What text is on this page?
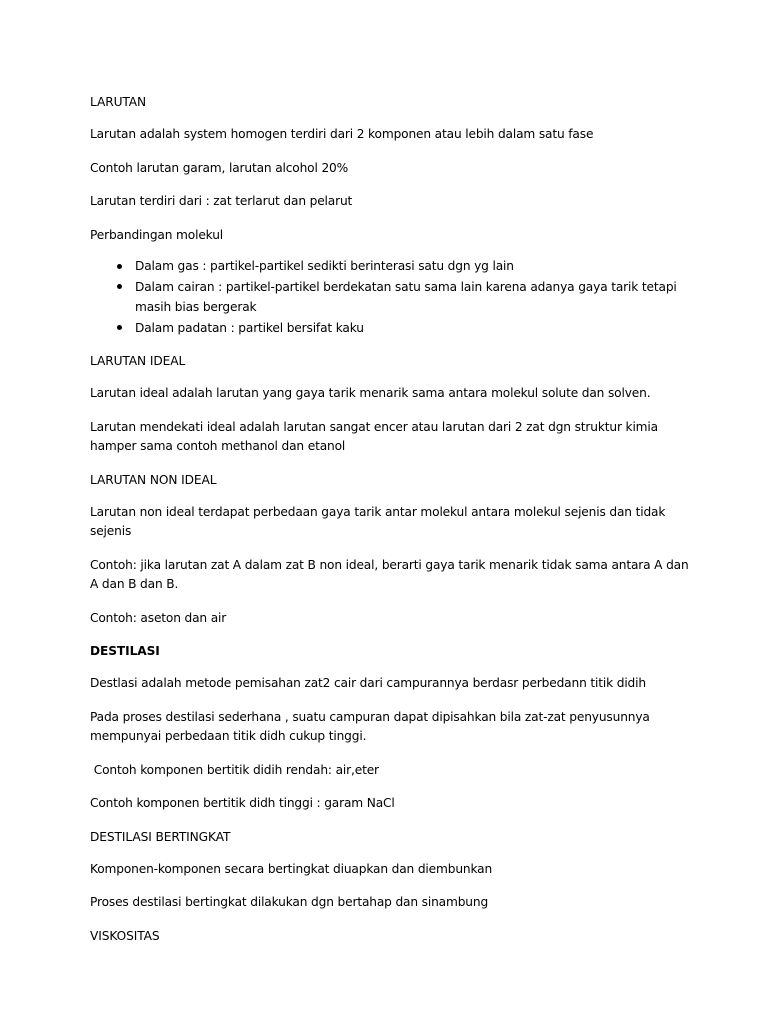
LARUTAN

Larutan adalah system homogen terdiri dari 2 komponen atau lebih dalam satu fase

Contoh larutan garam, larutan alcohol 20%

Larutan terdiri dari : zat terlarut dan pelarut

Perbandingan molekul

Dalam gas : partikel-partikel sedikti berinterasi satu dgn yg lain
Dalam cairan : partikel-partikel berdekatan satu sama lain karena adanya gaya tarik tetapi masih bias bergerak
Dalam padatan : partikel bersifat kaku
LARUTAN IDEAL

Larutan ideal adalah larutan yang gaya tarik menarik sama antara molekul solute dan solven.

Larutan mendekati ideal adalah larutan sangat encer atau larutan dari 2 zat dgn struktur kimia hamper sama contoh methanol dan etanol

LARUTAN NON IDEAL

Larutan non ideal terdapat perbedaan gaya tarik antar molekul antara molekul sejenis dan tidak sejenis

Contoh: jika larutan zat A dalam zat B non ideal, berarti gaya tarik menarik tidak sama antara A dan A dan B dan B.

Contoh: aseton dan air

DESTILASI

Destlasi adalah metode pemisahan zat2 cair dari campurannya berdasr perbedann titik didih

Pada proses destilasi sederhana , suatu campuran dapat dipisahkan bila zat-zat penyusunnya mempunyai perbedaan titik didh cukup tinggi.

Contoh komponen bertitik didih rendah: air,eter

Contoh komponen bertitik didh tinggi : garam NaCl

DESTILASI BERTINGKAT

Komponen-komponen secara bertingkat diuapkan dan diembunkan

Proses destilasi bertingkat dilakukan dgn bertahap dan sinambung

VISKOSITAS
